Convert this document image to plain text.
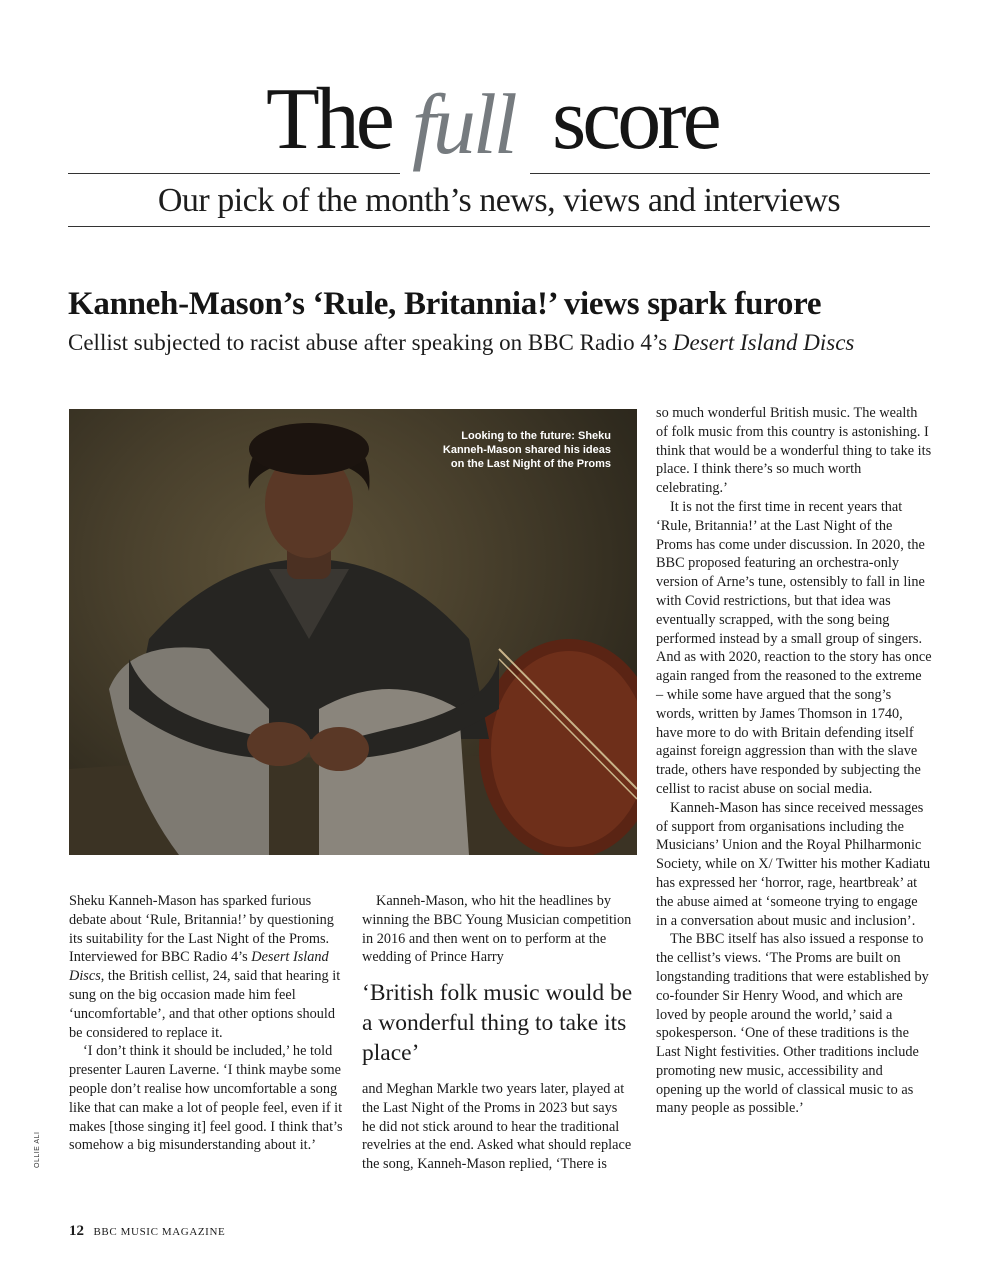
The full score
Our pick of the month’s news, views and interviews
Kanneh-Mason’s ‘Rule, Britannia!’ views spark furore
Cellist subjected to racist abuse after speaking on BBC Radio 4’s Desert Island Discs
Looking to the future: Sheku Kanneh-Mason shared his ideas on the Last Night of the Proms

Sheku Kanneh-Mason has sparked furious debate about ‘Rule, Britannia!’ by questioning its suitability for the Last Night of the Proms. Interviewed for BBC Radio 4’s Desert Island Discs, the British cellist, 24, said that hearing it sung on the big occasion made him feel ‘uncomfortable’, and that other options should be considered to replace it.

‘I don’t think it should be included,’ he told presenter Lauren Laverne. ‘I think maybe some people don’t realise how uncomfortable a song like that can make a lot of people feel, even if it makes [those singing it] feel good. I think that’s somehow a big misunderstanding about it.’

Kanneh-Mason, who hit the headlines by winning the BBC Young Musician competition in 2016 and then went on to perform at the wedding of Prince Harry

‘British folk music would be a wonderful thing to take its place’

and Meghan Markle two years later, played at the Last Night of the Proms in 2023 but says he did not stick around to hear the traditional revelries at the end. Asked what should replace the song, Kanneh-Mason replied, ‘There is

so much wonderful British music. The wealth of folk music from this country is astonishing. I think that would be a wonderful thing to take its place. I think there’s so much worth celebrating.’

It is not the first time in recent years that ‘Rule, Britannia!’ at the Last Night of the Proms has come under discussion. In 2020, the BBC proposed featuring an orchestra-only version of Arne’s tune, ostensibly to fall in line with Covid restrictions, but that idea was eventually scrapped, with the song being performed instead by a small group of singers. And as with 2020, reaction to the story has once again ranged from the reasoned to the extreme – while some have argued that the song’s words, written by James Thomson in 1740, have more to do with Britain defending itself against foreign aggression than with the slave trade, others have responded by subjecting the cellist to racist abuse on social media.

Kanneh-Mason has since received messages of support from organisations including the Musicians’ Union and the Royal Philharmonic Society, while on X/ Twitter his mother Kadiatu has expressed her ‘horror, rage, heartbreak’ at the abuse aimed at ‘someone trying to engage in a conversation about music and inclusion’.

The BBC itself has also issued a response to the cellist’s views. ‘The Proms are built on longstanding traditions that were established by co-founder Sir Henry Wood, and which are loved by people around the world,’ said a spokesperson. ‘One of these traditions is the Last Night festivities. Other traditions include promoting new music, accessibility and opening up the world of classical music to as many people as possible.’

OLLIE ALI
12 BBC MUSIC MAGAZINE
